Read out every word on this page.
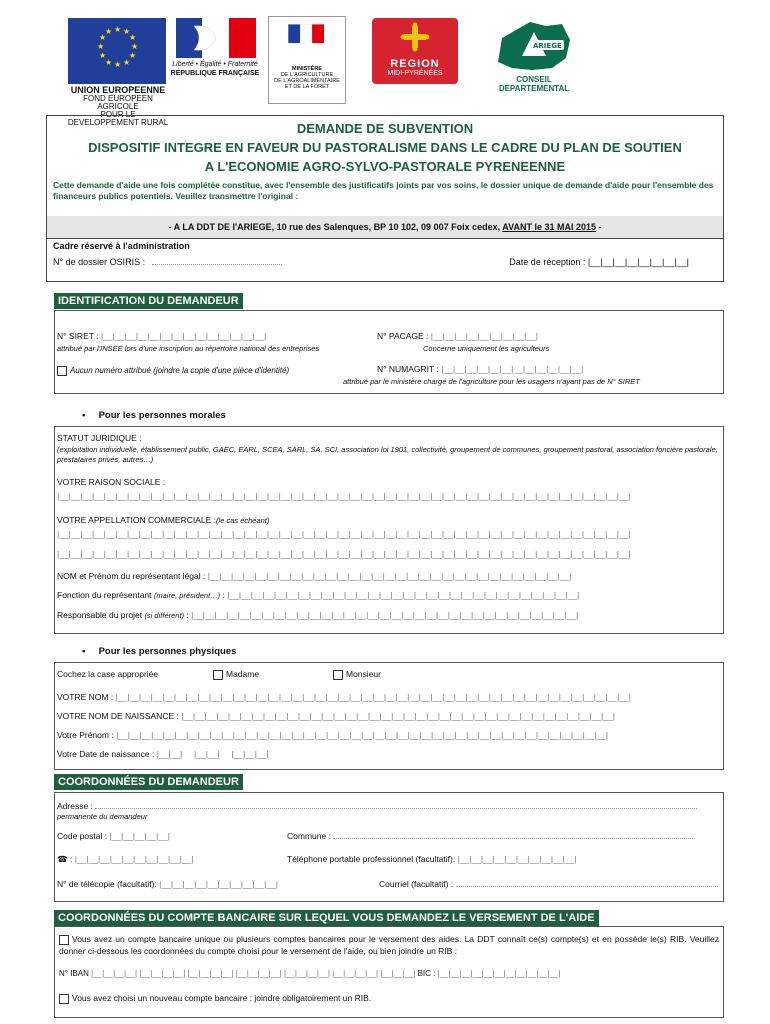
★ ★
★
★
★
★
★
★
★
★
★
★
UNION EUROPEENNE
FOND EUROPEEN AGRICOLE
POUR LE DEVELOPPEMENT RURAL
Liberté • Égalité • Fraternité
RÉPUBLIQUE FRANÇAISE
MINISTÈRE
DE L'AGRICULTURE
DE L'AGROALIMENTAIRE
ET DE LA FORÊT
REGION
MIDI-PYRÉNÉES
ARIEGE
CONSEIL
DEPARTEMENTAL
DEMANDE DE SUBVENTION
DISPOSITIF INTEGRE EN FAVEUR DU PASTORALISME DANS LE CADRE DU PLAN DE SOUTIEN
A L'ECONOMIE AGRO-SYLVO-PASTORALE PYRENEENNE
Cette demande d'aide une fois complétée constitue, avec l'ensemble des justificatifs joints par vos soins, le dossier unique de demande d'aide pour l'ensemble des financeurs publics potentiels. Veuillez transmettre l'original :
- A LA DDT DE l'ARIEGE, 10 rue des Salenques, BP 10 102, 09 007 Foix cedex, AVANT le 31 MAI 2015 -
Cadre réservé à l'administration
N° de dossier OSIRIS :	Date de réception : |__|__|__|__|__|__|__|__|
IDENTIFICATION DU DEMANDEUR
N° SIRET : |__|__|__|__|__|__|__|__|__|__|__|__|__|__|
attribué par l'INSEE lors d'une inscription au répertoire national des entreprises
N° PACAGE : |__|__|__|__|__|__|__|__|__|
Concerne uniquement les agriculteurs
Aucun numéro attribué (joindre la copie d'une pièce d'identité)	N° NUMAGRIT : |__|__|__|__|__|__|__|__|__|__|__|__|
attribué par le ministère chargé de l'agriculture pour les usagers n'ayant pas de N° SIRET
▪     Pour les personnes morales
STATUT JURIDIQUE :
(exploitation individuelle, établissement public, GAEC, EARL, SCEA, SARL, SA, SCI, association loi 1901, collectivité, groupement de communes, groupement pastoral, association foncière pastorale, prestataires privés, autres…)
VOTRE RAISON SOCIALE :
|__|__|__|__|__|__|__|__|__|__|__|__|__|__|__|__|__|__|__|__|__|__|__|__|__|__|__|__|__|__|__|__|__|__|__|__|__|__|__|__|__|__|__|__|__|__|__|__|__|
VOTRE APPELLATION COMMERCIALE :(le cas échéant)
|__|__|__|__|__|__|__|__|__|__|__|__|__|__|__|__|__|__|__|__|__|__|__|__|__|__|__|__|__|__|__|__|__|__|__|__|__|__|__|__|__|__|__|__|__|__|__|__|__|
|__|__|__|__|__|__|__|__|__|__|__|__|__|__|__|__|__|__|__|__|__|__|__|__|__|__|__|__|__|__|__|__|__|__|__|__|__|__|__|__|__|__|__|__|__|__|__|__|__|
NOM et Prénom du représentant légal : |__|__|__|__|__|__|__|__|__|__|__|__|__|__|__|__|__|__|__|__|__|__|__|__|__|__|__|__|__|__|__|
Fonction du représentant (maire, président…) : |__|__|__|__|__|__|__|__|__|__|__|__|__|__|__|__|__|__|__|__|__|__|__|__|__|__|__|__|__|__|
Responsable du projet (si différent) : |__|__|__|__|__|__|__|__|__|__|__|__|__|__|__|__|__|__|__|__|__|__|__|__|__|__|__|__|__|__|__|__|__|
▪     Pour les personnes physiques
Cochez la case appropriée	Madame	Monsieur
VOTRE NOM : |__|__|__|__|__|__|__|__|__|__|__|__|__|__|__|__|__|__|__|__|__|__|__|__|__|__|__|__|__|__|__|__|__|__|__|__|__|__|__|__|__|__|__|__|
VOTRE NOM DE NAISSANCE : |__|__|__|__|__|__|__|__|__|__|__|__|__|__|__|__|__|__|__|__|__|__|__|__|__|__|__|__|__|__|__|__|__|__|__|__|__|
Votre Prénom : |__|__|__|__|__|__|__|__|__|__|__|__|__|__|__|__|__|__|__|__|__|__|__|__|__|__|__|__|__|__|__|__|__|__|__|__|__|__|__|__|__|__|
Votre Date de naissance : |__|__|     |__|__|     |__|__|__|
COORDONNÉES DU DEMANDEUR
Adresse :
permanente du demandeur
Code postal : |__|__|__|__|__|	Commune :
☎ : |__|__|__|__|__|__|__|__|__|__|	Téléphone portable professionnel (facultatif): |__|__|__|__|__|__|__|__|__|__|
N° de télécopie (facultatif): |__|__|__|__|__|__|__|__|__|__|	Courriel (facultatif) :
COORDONNÉES DU COMPTE BANCAIRE SUR LEQUEL VOUS DEMANDEZ LE VERSEMENT DE L'AIDE
Vous avez un compte bancaire unique ou plusieurs comptes bancaires pour le versement des aides. La DDT connaît ce(s) compte(s) et en possède le(s) RIB. Veuillez donner ci-dessous les coordonnées du compte choisi pour le versement de l'aide, ou bien joindre un RIB :
N° IBAN |__|__|__|__| |__|__|__|__| |__|__|__|__| |__|__|__|__| |__|__|__|__| |__|__|__|__| |__|__|__| BIC : |__|__|__|__|__|__|__|__|__|__|__|
Vous avez choisi un nouveau compte bancaire : joindre obligatoirement un RIB.
